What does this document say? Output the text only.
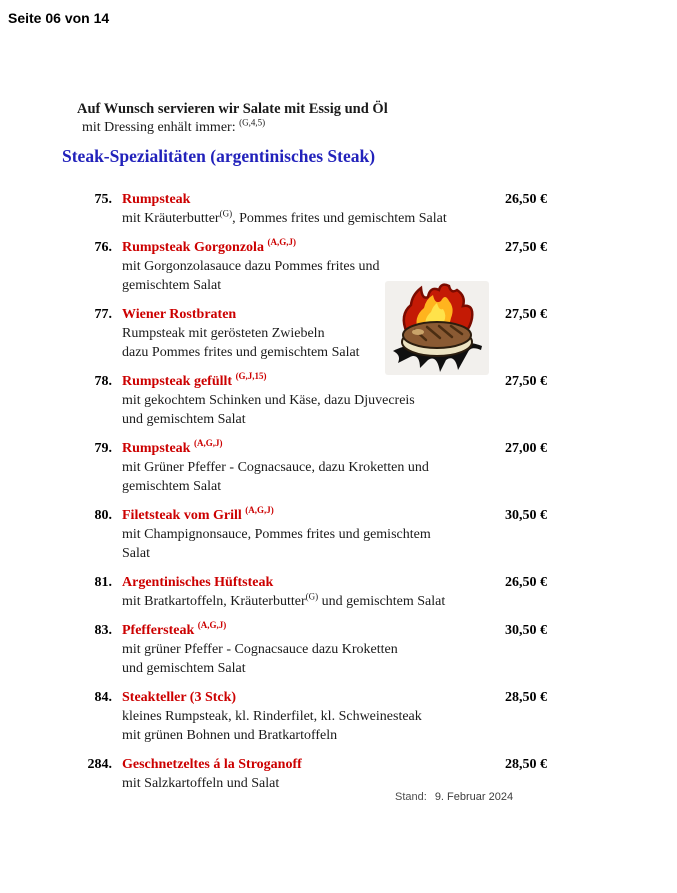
Seite 06 von 14

Auf Wunsch servieren wir Salate mit Essig und Öl

mit Dressing enhält immer: $^{(G,4,5)}$

Steak-Spezialitäten (argentinisches Steak)
75. Rumpsteak	26,50 €
mit Kräuterbutter$^{(G)}$, Pommes frites und gemischtem Salat
76. Rumpsteak Gorgonzola $^{(A,G,J)}$	27,50 €
mit Gorgonzolasauce dazu Pommes frites und
gemischtem Salat
77. Wiener Rostbraten	27,50 €
Rumpsteak mit gerösteten Zwiebeln
dazu Pommes frites und gemischtem Salat
78. Rumpsteak gefüllt $^{(G,J,15)}$	27,50 €
mit gekochtem Schinken und Käse, dazu Djuvecreis
und gemischtem Salat
79. Rumpsteak $^{(A,G,J)}$	27,00 €
mit Grüner Pfeffer - Cognacsauce, dazu Kroketten und
gemischtem Salat
80. Filetsteak vom Grill $^{(A,G,J)}$	30,50 €
mit Champignonsauce, Pommes frites und gemischtem Salat
81. Argentinisches Hüftsteak	26,50 €
mit Bratkartoffeln, Kräuterbutter$^{(G)}$ und gemischtem Salat
83. Pfeffersteak $^{(A,G,J)}$	30,50 €
mit grüner Pfeffer - Cognacsauce dazu Kroketten
und gemischtem Salat
84. Steakteller (3 Stck)	28,50 €
kleines Rumpsteak, kl. Rinderfilet, kl. Schweinesteak
mit grünen Bohnen und Bratkartoffeln
284. Geschnetzeltes á la Stroganoff	28,50 €
mit Salzkartoffeln und Salat
Stand: 9. Februar 2024
